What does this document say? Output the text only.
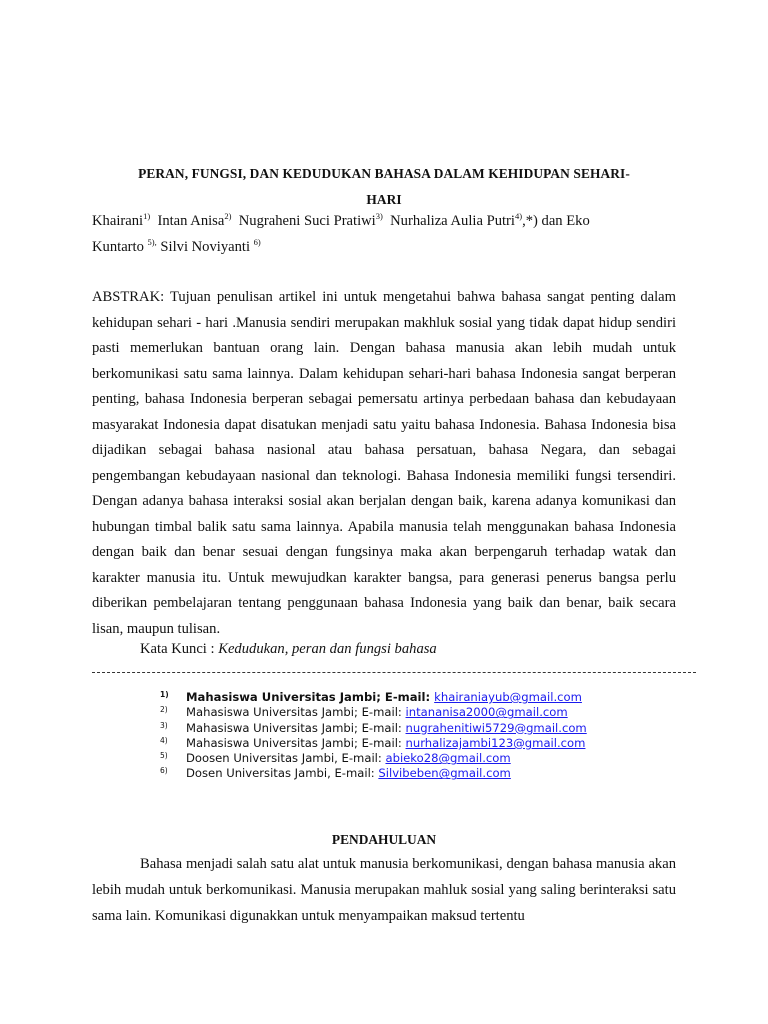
PERAN, FUNGSI, DAN KEDUDUKAN BAHASA DALAM KEHIDUPAN SEHARI-
HARI
Khairani$^{1)}$ Intan Anisa$^{2)}$ Nugraheni Suci Pratiwi$^{3)}$ Nurhaliza Aulia Putri$^{4)}$,*) dan Eko
Kuntarto $^{5),}$ Silvi Noviyanti $^{6)}$
ABSTRAK: Tujuan penulisan artikel ini untuk mengetahui bahwa bahasa sangat penting dalam kehidupan sehari - hari .Manusia sendiri merupakan makhluk sosial yang tidak dapat hidup sendiri pasti memerlukan bantuan orang lain. Dengan bahasa manusia akan lebih mudah untuk berkomunikasi satu sama lainnya. Dalam kehidupan sehari-hari bahasa Indonesia sangat berperan penting, bahasa Indonesia berperan sebagai pemersatu artinya perbedaan bahasa dan kebudayaan masyarakat Indonesia dapat disatukan menjadi satu yaitu bahasa Indonesia. Bahasa Indonesia bisa dijadikan sebagai bahasa nasional atau bahasa persatuan, bahasa Negara, dan sebagai pengembangan kebudayaan nasional dan teknologi. Bahasa Indonesia memiliki fungsi tersendiri. Dengan adanya bahasa interaksi sosial akan berjalan dengan baik, karena adanya komunikasi dan hubungan timbal balik satu sama lainnya. Apabila manusia telah menggunakan bahasa Indonesia dengan baik dan benar sesuai dengan fungsinya maka akan berpengaruh terhadap watak dan karakter manusia itu. Untuk mewujudkan karakter bangsa, para generasi penerus bangsa perlu diberikan pembelajaran tentang penggunaan bahasa Indonesia yang baik dan benar, baik secara lisan, maupun tulisan.
Kata Kunci : Kedudukan, peran dan fungsi bahasa
1) Mahasiswa Universitas Jambi; E-mail: khairaniayub@gmail.com
2) Mahasiswa Universitas Jambi; E-mail: intananisa2000@gmail.com
3) Mahasiswa Universitas Jambi; E-mail: nugrahenitiwi5729@gmail.com
4) Mahasiswa Universitas Jambi; E-mail: nurhalizajambi123@gmail.com
5) Doosen Universitas Jambi, E-mail: abieko28@gmail.com
6) Dosen Universitas Jambi, E-mail: Silvibeben@gmail.com
PENDAHULUAN
Bahasa menjadi salah satu alat untuk manusia berkomunikasi, dengan bahasa manusia akan lebih mudah untuk berkomunikasi. Manusia merupakan mahluk sosial yang saling berinteraksi satu sama lain. Komunikasi digunakkan untuk menyampaikan maksud tertentu
